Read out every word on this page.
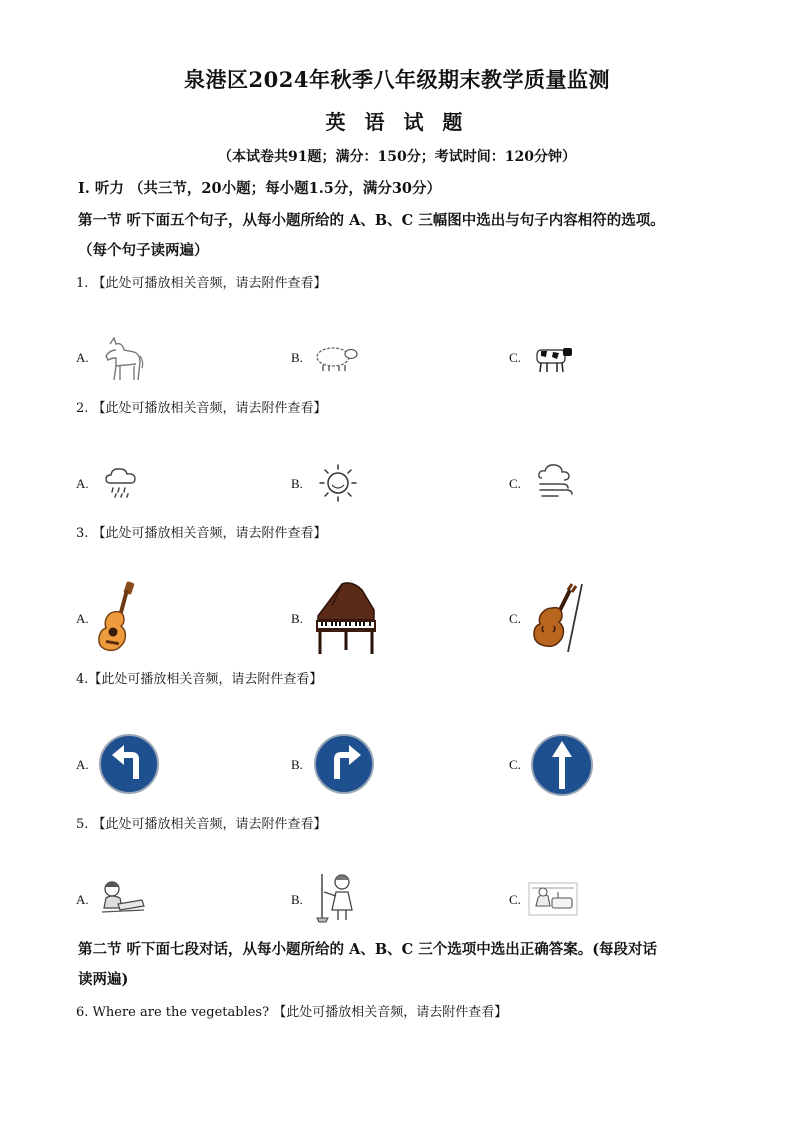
泉港区2024年秋季八年级期末教学质量监测
英 语 试 题
（本试卷共91题；满分：150分；考试时间：120分钟）
Ⅰ. 听力 （共三节，20小题；每小题1.5分，满分30分）
第一节 听下面五个句子，从每小题所给的 A、B、C 三幅图中选出与句子内容相符的选项。
（每个句子读两遍）
1. 【此处可播放相关音频，请去附件查看】
A.	B.	C.
2. 【此处可播放相关音频，请去附件查看】
A.	B.	C.
3. 【此处可播放相关音频，请去附件查看】
A.	B.	C.
4.【此处可播放相关音频，请去附件查看】
A.	B.	C.
5. 【此处可播放相关音频，请去附件查看】
A.	B.	C.
第二节 听下面七段对话，从每小题所给的 A、B、C 三个选项中选出正确答案。(每段对话
读两遍)
6. Where are the vegetables? 【此处可播放相关音频，请去附件查看】
